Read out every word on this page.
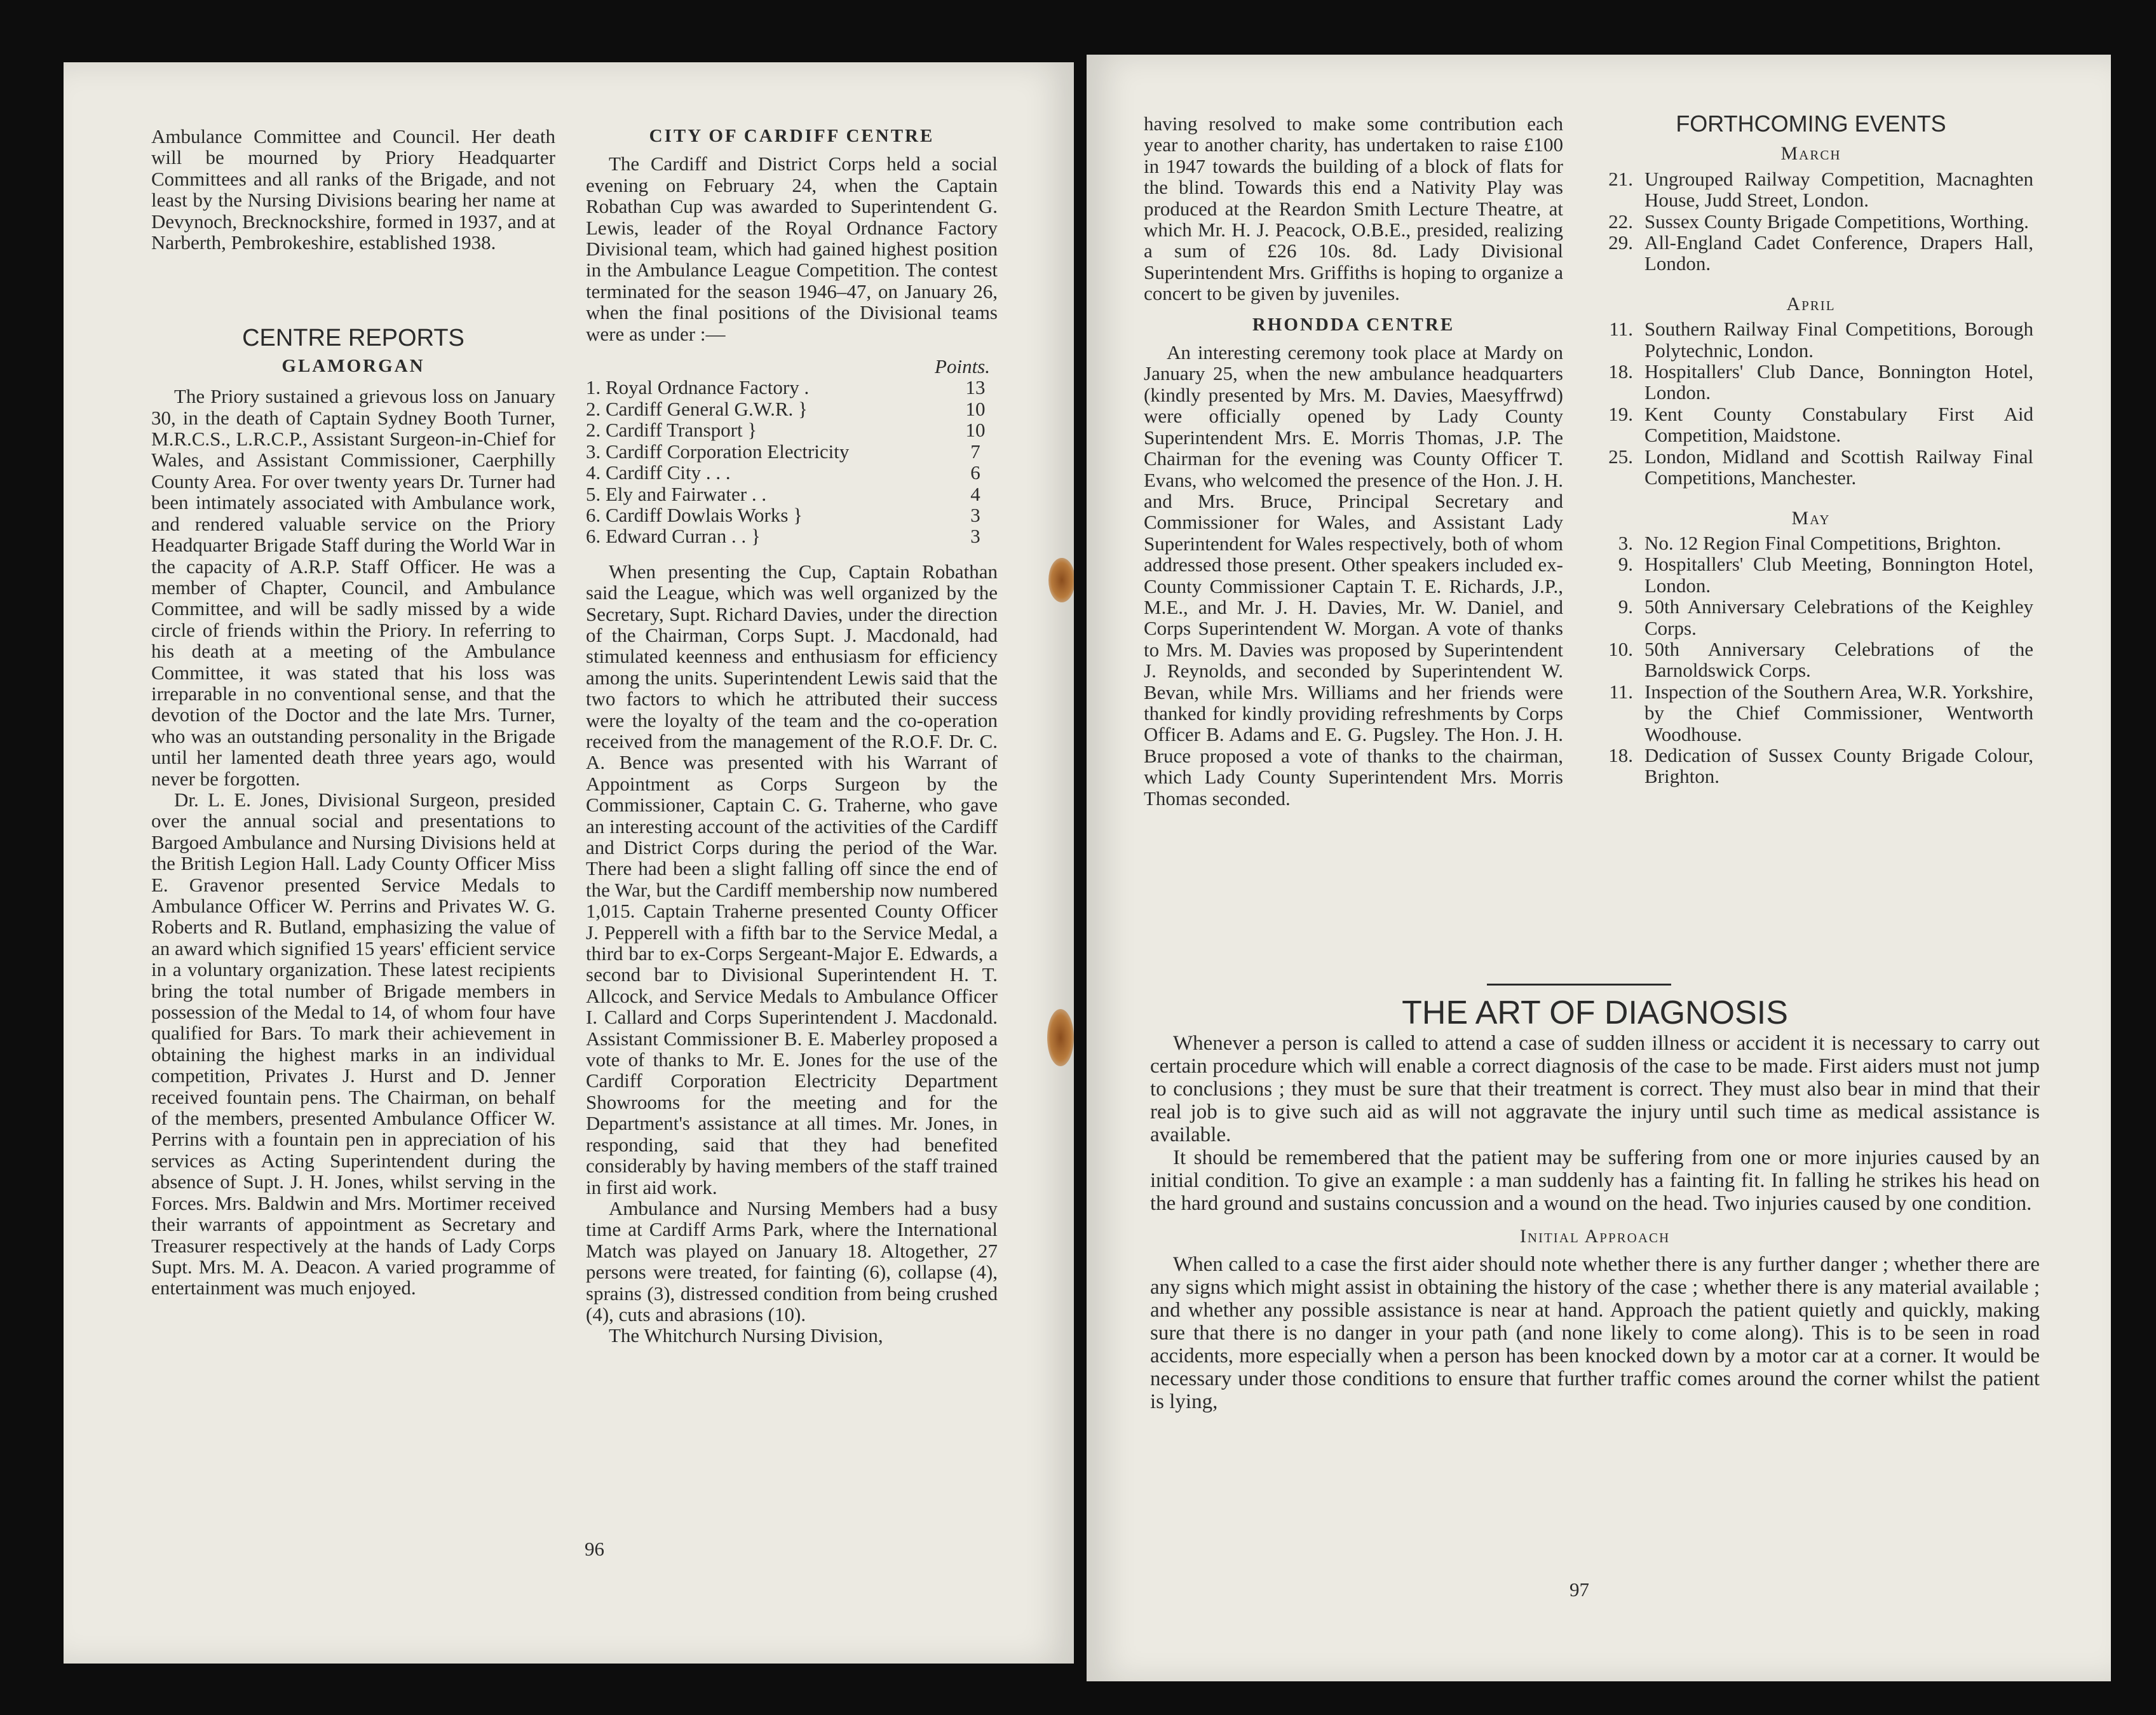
Ambulance Committee and Council. Her death will be mourned by Priory Headquarter Committees and all ranks of the Brigade, and not least by the Nursing Divisions bearing her name at Devynoch, Brecknockshire, formed in 1937, and at Narberth, Pembrokeshire, established 1938.

CENTRE REPORTS
GLAMORGAN

The Priory sustained a grievous loss on January 30, in the death of Captain Sydney Booth Turner, M.R.C.S., L.R.C.P., Assistant Surgeon-in-Chief for Wales, and Assistant Commissioner, Caerphilly County Area. For over twenty years Dr. Turner had been intimately associated with Ambulance work, and rendered valuable service on the Priory Headquarter Brigade Staff during the World War in the capacity of A.R.P. Staff Officer. He was a member of Chapter, Council, and Ambulance Committee, and will be sadly missed by a wide circle of friends within the Priory. In referring to his death at a meeting of the Ambulance Committee, it was stated that his loss was irreparable in no conventional sense, and that the devotion of the Doctor and the late Mrs. Turner, who was an outstanding personality in the Brigade until her lamented death three years ago, would never be forgotten.

Dr. L. E. Jones, Divisional Surgeon, presided over the annual social and presentations to Bargoed Ambulance and Nursing Divisions held at the British Legion Hall. Lady County Officer Miss E. Gravenor presented Service Medals to Ambulance Officer W. Perrins and Privates W. G. Roberts and R. Butland, emphasizing the value of an award which signified 15 years' efficient service in a voluntary organization. These latest recipients bring the total number of Brigade members in possession of the Medal to 14, of whom four have qualified for Bars. To mark their achievement in obtaining the highest marks in an individual competition, Privates J. Hurst and D. Jenner received fountain pens. The Chairman, on behalf of the members, presented Ambulance Officer W. Perrins with a fountain pen in appreciation of his services as Acting Superintendent during the absence of Supt. J. H. Jones, whilst serving in the Forces. Mrs. Baldwin and Mrs. Mortimer received their warrants of appointment as Secretary and Treasurer respectively at the hands of Lady Corps Supt. Mrs. M. A. Deacon. A varied programme of entertainment was much enjoyed.

CITY OF CARDIFF CENTRE

The Cardiff and District Corps held a social evening on February 24, when the Captain Robathan Cup was awarded to Superintendent G. Lewis, leader of the Royal Ordnance Factory Divisional team, which had gained highest position in the Ambulance League Competition. The contest terminated for the season 1946–47, on January 26, when the final positions of the Divisional teams were as under :—

Points.
1. Royal Ordnance Factory .	13
2. Cardiff General G.W.R. }	10
2. Cardiff Transport }	10
3. Cardiff Corporation Electricity	7
4. Cardiff City . . .	6
5. Ely and Fairwater . .	4
6. Cardiff Dowlais Works }	3
6. Edward Curran . . }	3

When presenting the Cup, Captain Robathan said the League, which was well organized by the Secretary, Supt. Richard Davies, under the direction of the Chairman, Corps Supt. J. Macdonald, had stimulated keenness and enthusiasm for efficiency among the units. Superintendent Lewis said that the two factors to which he attributed their success were the loyalty of the team and the co-operation received from the management of the R.O.F. Dr. C. A. Bence was presented with his Warrant of Appointment as Corps Surgeon by the Commissioner, Captain C. G. Traherne, who gave an interesting account of the activities of the Cardiff and District Corps during the period of the War. There had been a slight falling off since the end of the War, but the Cardiff membership now numbered 1,015. Captain Traherne presented County Officer J. Pepperell with a fifth bar to the Service Medal, a third bar to ex-Corps Sergeant-Major E. Edwards, a second bar to Divisional Superintendent H. T. Allcock, and Service Medals to Ambulance Officer I. Callard and Corps Superintendent J. Macdonald. Assistant Commissioner B. E. Maberley proposed a vote of thanks to Mr. E. Jones for the use of the Cardiff Corporation Electricity Department Showrooms for the meeting and for the Department's assistance at all times. Mr. Jones, in responding, said that they had benefited considerably by having members of the staff trained in first aid work.

Ambulance and Nursing Members had a busy time at Cardiff Arms Park, where the International Match was played on January 18. Altogether, 27 persons were treated, for fainting (6), collapse (4), sprains (3), distressed condition from being crushed (4), cuts and abrasions (10).

The Whitchurch Nursing Division,

96

having resolved to make some contribution each year to another charity, has undertaken to raise £100 in 1947 towards the building of a block of flats for the blind. Towards this end a Nativity Play was produced at the Reardon Smith Lecture Theatre, at which Mr. H. J. Peacock, O.B.E., presided, realizing a sum of £26 10s. 8d. Lady Divisional Superintendent Mrs. Griffiths is hoping to organize a concert to be given by juveniles.

RHONDDA CENTRE

An interesting ceremony took place at Mardy on January 25, when the new ambulance headquarters (kindly presented by Mrs. M. Davies, Maesyffrwd) were officially opened by Lady County Superintendent Mrs. E. Morris Thomas, J.P. The Chairman for the evening was County Officer T. Evans, who welcomed the presence of the Hon. J. H. and Mrs. Bruce, Principal Secretary and Commissioner for Wales, and Assistant Lady Superintendent for Wales respectively, both of whom addressed those present. Other speakers included ex-County Commissioner Captain T. E. Richards, J.P., M.E., and Mr. J. H. Davies, Mr. W. Daniel, and Corps Superintendent W. Morgan. A vote of thanks to Mrs. M. Davies was proposed by Superintendent J. Reynolds, and seconded by Superintendent W. Bevan, while Mrs. Williams and her friends were thanked for kindly providing refreshments by Corps Officer B. Adams and E. G. Pugsley. The Hon. J. H. Bruce proposed a vote of thanks to the chairman, which Lady County Superintendent Mrs. Morris Thomas seconded.

FORTHCOMING EVENTS
March
21. Ungrouped Railway Competition, Macnaghten House, Judd Street, London.
22. Sussex County Brigade Competitions, Worthing.
29. All-England Cadet Conference, Drapers Hall, London.
April
11. Southern Railway Final Competitions, Borough Polytechnic, London.
18. Hospitallers' Club Dance, Bonnington Hotel, London.
19. Kent County Constabulary First Aid Competition, Maidstone.
25. London, Midland and Scottish Railway Final Competitions, Manchester.
May
3. No. 12 Region Final Competitions, Brighton.
9. Hospitallers' Club Meeting, Bonnington Hotel, London.
9. 50th Anniversary Celebrations of the Keighley Corps.
10. 50th Anniversary Celebrations of the Barnoldswick Corps.
11. Inspection of the Southern Area, W.R. Yorkshire, by the Chief Commissioner, Wentworth Woodhouse.
18. Dedication of Sussex County Brigade Colour, Brighton.
THE ART OF DIAGNOSIS

Whenever a person is called to attend a case of sudden illness or accident it is necessary to carry out certain procedure which will enable a correct diagnosis of the case to be made. First aiders must not jump to conclusions ; they must be sure that their treatment is correct. They must also bear in mind that their real job is to give such aid as will not aggravate the injury until such time as medical assistance is available.

It should be remembered that the patient may be suffering from one or more injuries caused by an initial condition. To give an example : a man suddenly has a fainting fit. In falling he strikes his head on the hard ground and sustains concussion and a wound on the head. Two injuries caused by one condition.

Initial Approach

When called to a case the first aider should note whether there is any further danger ; whether there are any signs which might assist in obtaining the history of the case ; whether there is any material available ; and whether any possible assistance is near at hand. Approach the patient quietly and quickly, making sure that there is no danger in your path (and none likely to come along). This is to be seen in road accidents, more especially when a person has been knocked down by a motor car at a corner. It would be necessary under those conditions to ensure that further traffic comes around the corner whilst the patient is lying,

97
